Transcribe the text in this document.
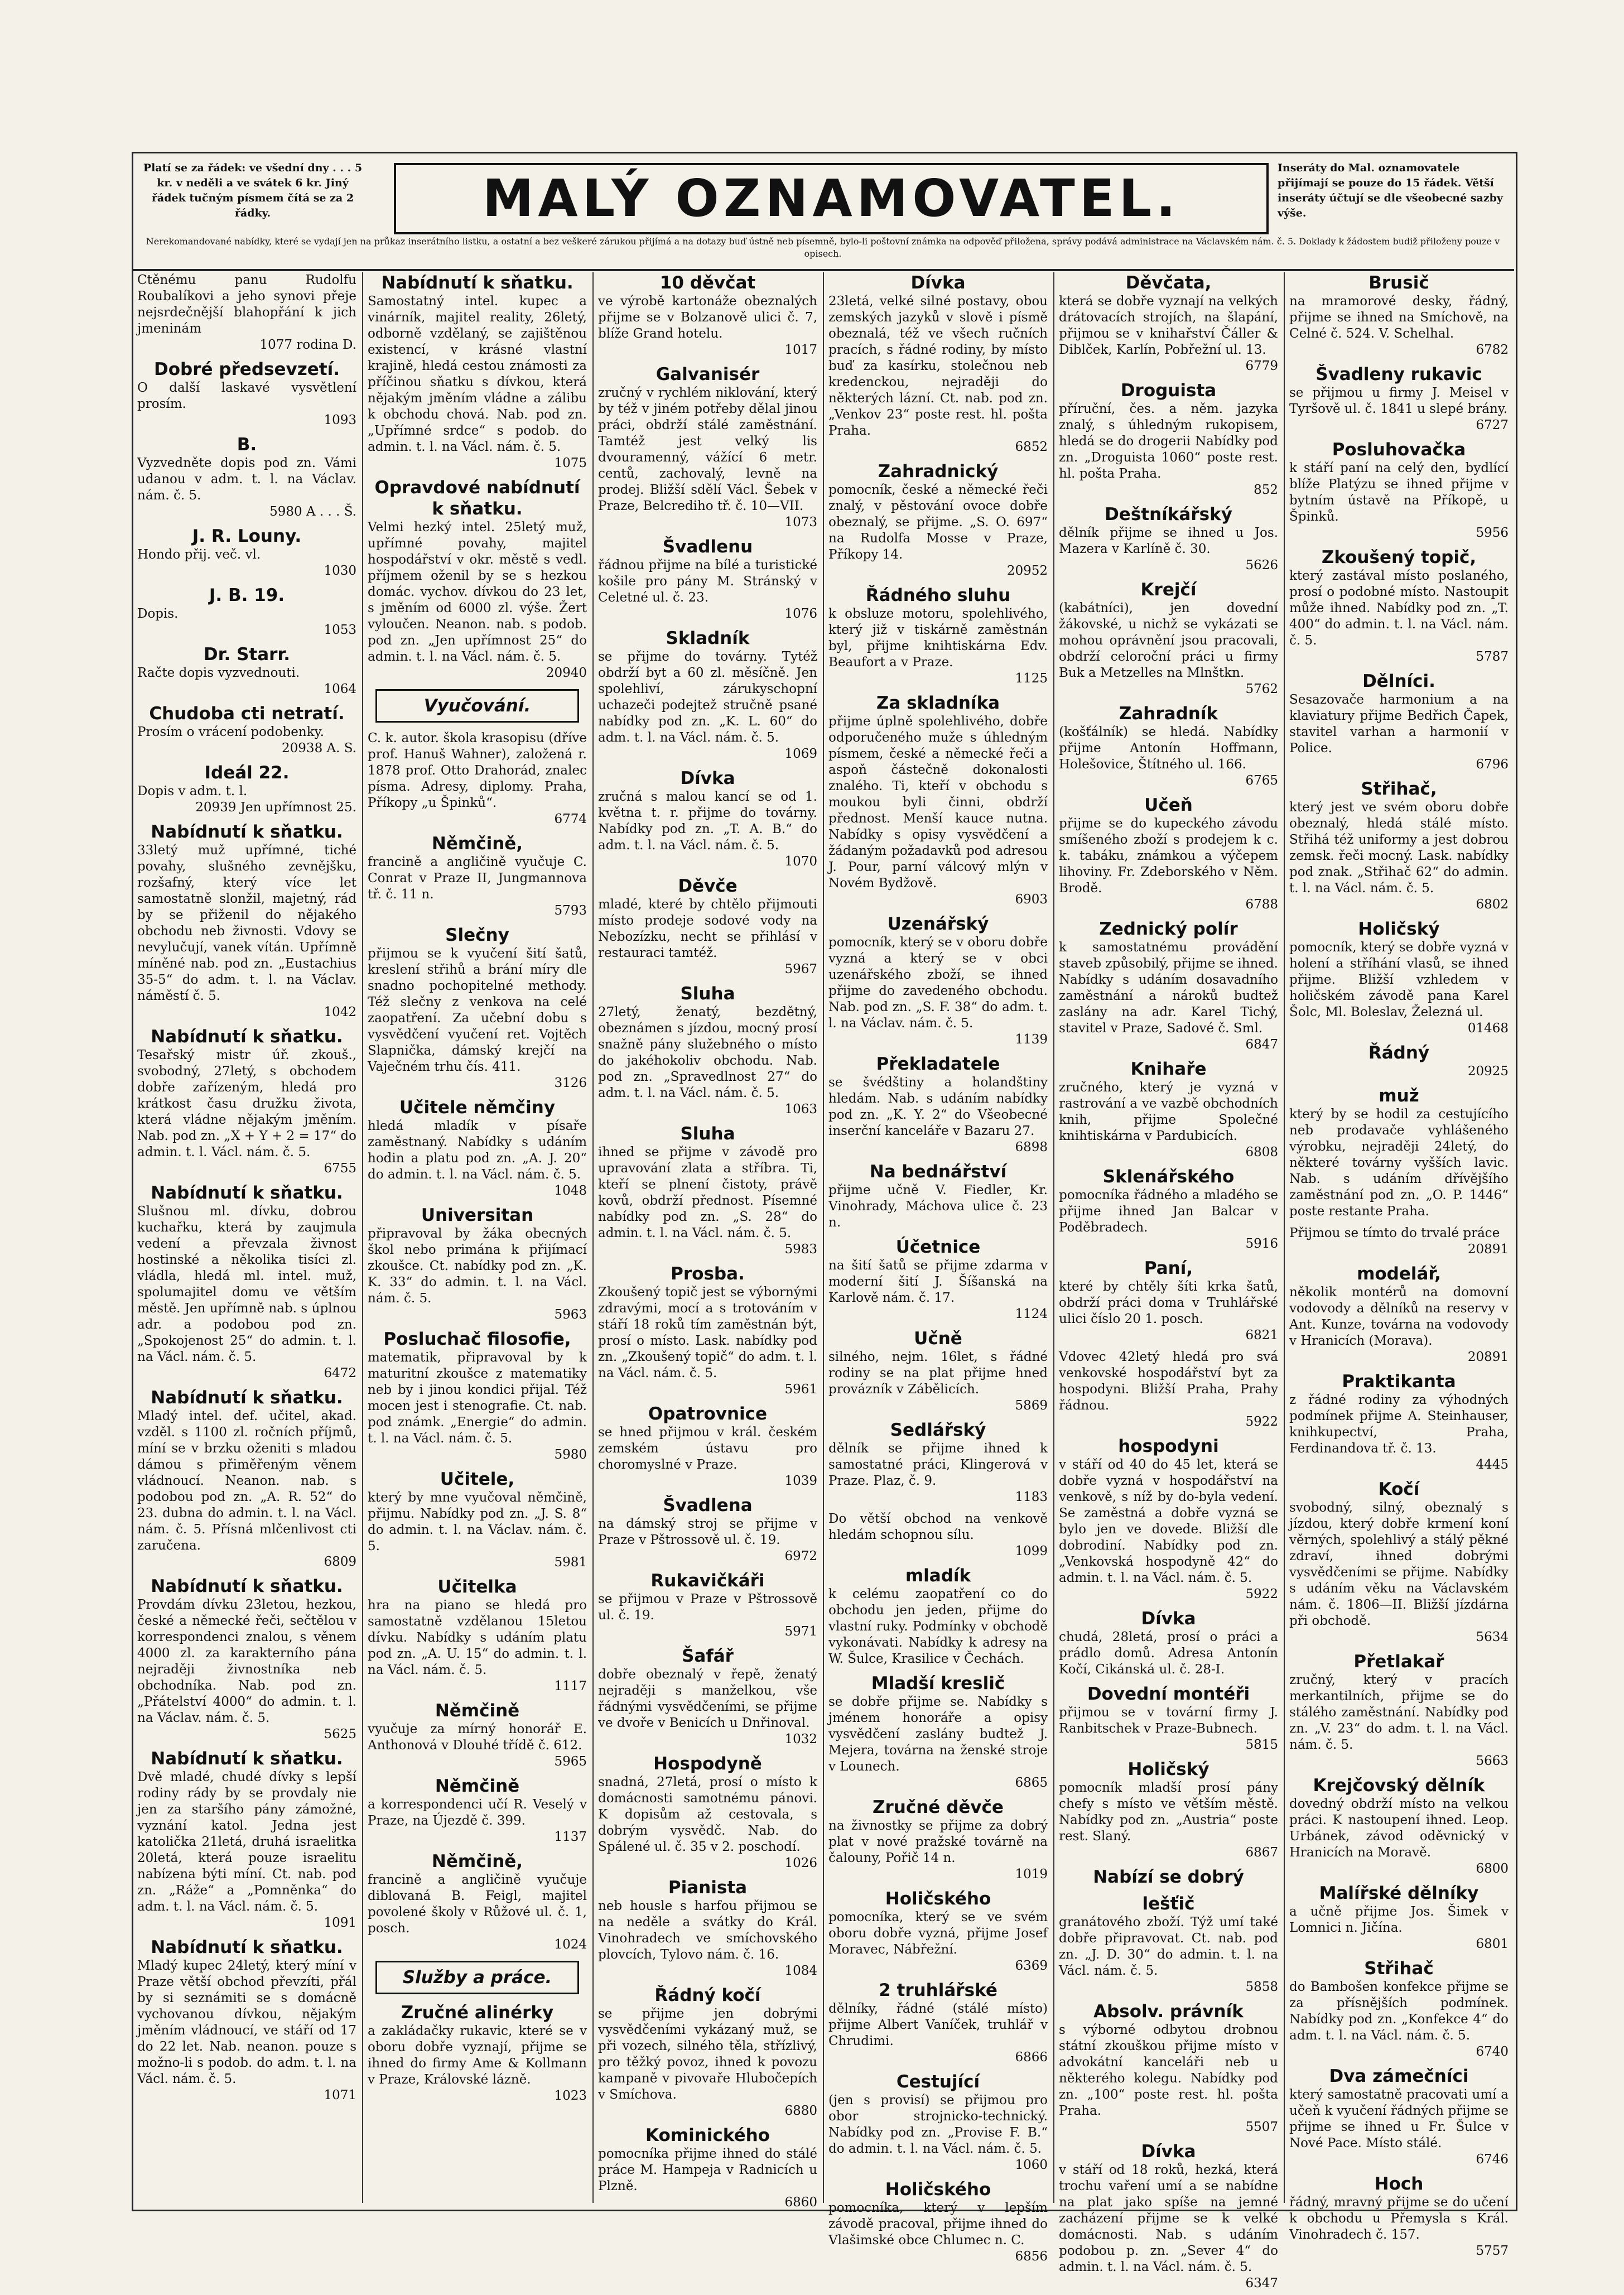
Platí se za řádek: ve všední dny . . . 5 kr. v neděli a ve svátek 6 kr. Jiný řádek tučným písmem čítá se za 2 řádky.	MALÝ OZNAMOVATEL.
Inseráty do Mal. oznamovatele přijímají se pouze do 15 řádek. Větší inseráty účtují se dle všeobecné sazby výše.
Nerekomandované nabídky, které se vydají jen na průkaz inserátního listku, a ostatní a bez veškeré zárukou přijímá a na dotazy buď ústně neb písemně, bylo-li poštovní známka na odpověď přiložena, správy podává administrace na Václavském nám. č. 5. Doklady k žádostem budiž přiloženy pouze v opisech.

Ctěnému panu Rudolfu Roubalíkovi a jeho synovi přeje nejsrdečnější blahopřání k jich jmeninám

1077 rodina D.

Dobré předsevzetí.

O další laskavé vysvětlení prosím.

1093

B.

Vyzvedněte dopis pod zn. Vámi udanou v adm. t. l. na Václav. nám. č. 5.

5980 A . . . Š.

J. R. Louny.

Hondo přij. več. vl.

1030

J. B. 19.

Dopis.

1053

Dr. Starr.

Račte dopis vyzvednouti.

1064

Chudoba cti netratí.

Prosím o vrácení podobenky.

20938 A. S.

Ideál 22.

Dopis v adm. t. l.

20939 Jen upřímnost 25.

Nabídnutí k sňatku.

33letý muž upřímné, tiché povahy, slušného zevnějšku, rozšafný, který více let samostatně slonžil, majetný, rád by se přiženil do nějakého obchodu neb živnosti. Vdovy se nevylučují, vanek vítán. Upřímně míněné nab. pod zn. „Eustachius 35-5“ do adm. t. l. na Václav. náměstí č. 5.

1042

Nabídnutí k sňatku.

Tesařský mistr úř. zkouš., svobodný, 27letý, s obchodem dobře zařízeným, hledá pro krátkost času družku života, která vládne nějakým jměním. Nab. pod zn. „X + Y + 2 = 17“ do admin. t. l. Václ. nám. č. 5.

6755

Nabídnutí k sňatku.

Slušnou ml. dívku, dobrou kuchařku, která by zaujmula vedení a převzala živnost hostinské a několika tisíci zl. vládla, hledá ml. intel. muž, spolumajitel domu ve větším městě. Jen upřímně nab. s úplnou adr. a podobou pod zn. „Spokojenost 25“ do admin. t. l. na Václ. nám. č. 5.

6472

Nabídnutí k sňatku.

Mladý intel. def. učitel, akad. vzděl. s 1100 zl. ročních příjmů, míní se v brzku oženiti s mladou dámou s přiměřeným věnem vládnoucí. Neanon. nab. s podobou pod zn. „A. R. 52“ do 23. dubna do admin. t. l. na Václ. nám. č. 5. Přísná mlčenlivost cti zaručena.

6809

Nabídnutí k sňatku.

Provdám dívku 23letou, hezkou, české a německé řeči, sečtělou v korrespondenci znalou, s věnem 4000 zl. za karakterního pána nejraději živnostníka neb obchodníka. Nab. pod zn. „Přátelství 4000“ do admin. t. l. na Václav. nám. č. 5.

5625

Nabídnutí k sňatku.

Dvě mladé, chudé dívky s lepší rodiny rády by se provdaly nie jen za staršího pány zámožné, vyznání katol. Jedna jest katolička 21letá, druhá israelitka 20letá, která pouze israelitu nabízena býti míní. Ct. nab. pod zn. „Ráže“ a „Pomněnka“ do adm. t. l. na Václ. nám. č. 5.

1091

Nabídnutí k sňatku.

Mladý kupec 24letý, který míní v Praze větší obchod převzíti, přál by si seznámiti se s domácně vychovanou dívkou, nějakým jměním vládnoucí, ve stáří od 17 do 22 let. Nab. neanon. pouze s možno-li s podob. do adm. t. l. na Václ. nám. č. 5.

1071

Nabídnutí k sňatku.

Samostatný intel. kupec a vinárník, majitel reality, 26letý, odborně vzdělaný, se zajištěnou existencí, v krásné vlastní krajině, hledá cestou známosti za příčinou sňatku s dívkou, která nějakým jměním vládne a zálibu k obchodu chová. Nab. pod zn. „Upřímné srdce“ s podob. do admin. t. l. na Václ. nám. č. 5.

1075

Opravdové nabídnutí k sňatku.

Velmi hezký intel. 25letý muž, upřímné povahy, majitel hospodářství v okr. městě s vedl. příjmem oženil by se s hezkou domác. vychov. dívkou do 23 let, s jměním od 6000 zl. výše. Žert vyloučen. Neanon. nab. s podob. pod zn. „Jen upřímnost 25“ do admin. t. l. na Václ. nám. č. 5.

20940

Vyučování.

C. k. autor. škola krasopisu (dříve prof. Hanuš Wahner), založená r. 1878 prof. Otto Drahorád, znalec písma. Adresy, diplomy. Praha, Příkopy „u Špinků“.

6774

Němčině,

francině a angličině vyučuje C. Conrat v Praze II, Jungmannova tř. č. 11 n.

5793

Slečny

přijmou se k vyučení šití šatů, kreslení střihů a brání míry dle snadno pochopitelné methody. Též slečny z venkova na celé zaopatření. Za učební dobu s vysvědčení vyučení ret. Vojtěch Slapnička, dámský krejčí na Vaječném trhu čís. 411.

3126

Učitele němčiny

hledá mladík v písaře zaměstnaný. Nabídky s udáním hodin a platu pod zn. „A. J. 20“ do admin. t. l. na Václ. nám. č. 5.

1048

Universitan

připravoval by žáka obecných škol nebo primána k přijímací zkoušce. Ct. nabídky pod zn. „K. K. 33“ do admin. t. l. na Václ. nám. č. 5.

5963

Posluchač filosofie,

matematik, připravoval by k maturitní zkoušce z matematiky neb by i jinou kondici přijal. Též mocen jest i stenografie. Ct. nab. pod známk. „Energie“ do admin. t. l. na Václ. nám. č. 5.

5980

Učitele,

který by mne vyučoval němčině, přijmu. Nabídky pod zn. „J. S. 8“ do admin. t. l. na Václav. nám. č. 5.

5981

Učitelka

hra na piano se hledá pro samostatně vzdělanou 15letou dívku. Nabídky s udáním platu pod zn. „A. U. 15“ do admin. t. l. na Václ. nám. č. 5.

1117

Němčině

vyučuje za mírný honorář E. Anthonová v Dlouhé třídě č. 612.

5965

Němčině

a korrespondenci učí R. Veselý v Praze, na Újezdě č. 399.

1137

Němčině,

francině a angličině vyučuje diblovaná B. Feigl, majitel povolené školy v Růžové ul. č. 1, posch.

1024

Služby a práce.
Zručné alinérky

a zakládačky rukavic, které se v oboru dobře vyznají, přijme se ihned do firmy Ame & Kollmann v Praze, Královské lázně.

1023

10 děvčat

ve výrobě kartonáže obeznalých přijme se v Bolzanově ulici č. 7, blíže Grand hotelu.

1017

Galvanisér

zručný v rychlém niklování, který by též v jiném potřeby dělal jinou práci, obdrží stálé zaměstnání. Tamtéž jest velký lis dvouramenný, vážící 6 metr. centů, zachovalý, levně na prodej. Bližší sdělí Václ. Šebek v Praze, Belcrediho tř. č. 10—VII.

1073

Švadlenu

řádnou přijme na bílé a turistické košile pro pány M. Stránský v Celetné ul. č. 23.

1076

Skladník

se přijme do továrny. Tytéž obdrží byt a 60 zl. měsíčně. Jen spolehliví, zárukyschopní uchazeči podejtež stručně psané nabídky pod zn. „K. L. 60“ do adm. t. l. na Václ. nám. č. 5.

1069

Dívka

zručná s malou kancí se od 1. května t. r. přijme do továrny. Nabídky pod zn. „T. A. B.“ do adm. t. l. na Václ. nám. č. 5.

1070

Děvče

mladé, které by chtělo přijmouti místo prodeje sodové vody na Nebozízku, necht se přihlásí v restauraci tamtéž.

5967

Sluha

27letý, ženatý, bezdětný, obeznámen s jízdou, mocný prosí snažně pány služebného o místo do jakéhokoliv obchodu. Nab. pod zn. „Spravedlnost 27“ do adm. t. l. na Václ. nám. č. 5.

1063

Sluha

ihned se přijme v závodě pro upravování zlata a stříbra. Ti, kteří se plnení čistoty, právě kovů, obdrží přednost. Písemné nabídky pod zn. „S. 28“ do admin. t. l. na Václ. nám. č. 5.

5983

Prosba.

Zkoušený topič jest se výbornými zdravými, mocí a s trotováním v stáří 18 roků tím zaměstnán být, prosí o místo. Lask. nabídky pod zn. „Zkoušený topič“ do adm. t. l. na Václ. nám. č. 5.

5961

Opatrovnice

se hned přijmou v král. českém zemském ústavu pro choromyslné v Praze.

1039

Švadlena

na dámský stroj se přijme v Praze v Pštrossově ul. č. 19.

6972

Rukavičkáři

se přijmou v Praze v Pštrossově ul. č. 19.

5971

Šafář

dobře obeznalý v řepě, ženatý nejraději s manželkou, vše řádnými vysvědčeními, se přijme ve dvoře v Benicích u Dnřinoval.

1032

Hospodyně

snadná, 27letá, prosí o místo k domácnosti samotnému pánovi. K dopisům až cestovala, s dobrým vysvědč. Nab. do Spálené ul. č. 35 v 2. poschodí.

1026

Pianista

neb housle s harfou přijmou se na neděle a svátky do Král. Vinohradech ve smíchovského plovcích, Tylovo nám. č. 16.

1084

Řádný kočí

se přijme jen dobrými vysvědčeními vykázaný muž, se při vozech, silného těla, střízlivý, pro těžký povoz, ihned k povozu kampaně v pivovaře Hlubočepích v Smíchova.

6880

Kominického

pomocníka přijme ihned do stálé práce M. Hampeja v Radnicích u Plzně.

6860

Dívka

23letá, velké silné postavy, obou zemských jazyků v slově i písmě obeznalá, též ve všech ručních pracích, s řádné rodiny, by místo buď za kasírku, stolečnou neb kredenckou, nejraději do některých lázní. Ct. nab. pod zn. „Venkov 23“ poste rest. hl. pošta Praha.

6852

Zahradnický

pomocník, české a německé řeči znalý, v pěstování ovoce dobře obeznalý, se přijme. „S. O. 697“ na Rudolfa Mosse v Praze, Příkopy 14.

20952

Řádného sluhu

k obsluze motoru, spolehlivého, který již v tiskárně zaměstnán byl, přijme knihtiskárna Edv. Beaufort a v Praze.

1125

Za skladníka

přijme úplně spolehlivého, dobře odporučeného muže s úhledným písmem, české a německé řeči a aspoň částečně dokonalosti znalého. Ti, kteří v obchodu s moukou byli činni, obdrží přednost. Menší kauce nutna. Nabídky s opisy vysvědčení a žádaným požadavků pod adresou J. Pour, parní válcový mlýn v Novém Bydžově.

6903

Uzenářský

pomocník, který se v oboru dobře vyzná a který se v obci uzenářského zboží, se ihned přijme do zavedeného obchodu. Nab. pod zn. „S. F. 38“ do adm. t. l. na Václav. nám. č. 5.

1139

Překladatele

se švédštiny a holandštiny hledám. Nab. s udáním nabídky pod zn. „K. Y. 2“ do Všeobecné inserční kanceláře v Bazaru 27.

6898

Na bednářství

přijme učně V. Fiedler, Kr. Vinohrady, Máchova ulice č. 23 n.

Účetnice

na šití šatů se přijme zdarma v moderní šití J. Šíšanská na Karlově nám. č. 17.

1124

Učně

silného, nejm. 16let, s řádné rodiny se na plat přijme hned provázník v Zábělicích.

5869

Sedlářský

dělník se přijme ihned k samostatné práci, Klingerová v Praze. Plaz, č. 9.

1183

Do větší obchod na venkově hledám schopnou sílu.

1099

mladík

k celému zaopatření co do obchodu jen jeden, přijme do vlastní ruky. Podmínky v obchodě vykonávati. Nabídky k adresy na W. Šulce, Krasilice v Čechách.

Mladší kreslič

se dobře přijme se. Nabídky s jménem honoráře a opisy vysvědčení zaslány budtež J. Mejera, továrna na ženské stroje v Lounech.

6865

Zručné děvče

na živnostky se přijme za dobrý plat v nové pražské továrně na čalouny, Pořič 14 n.

1019

Holičského

pomocníka, který se ve svém oboru dobře vyzná, přijme Josef Moravec, Nábřežní.

6369

2 truhlářské

dělníky, řádné (stálé místo) přijme Albert Vaníček, truhlář v Chrudimi.

6866

Cestující

(jen s provisí) se přijmou pro obor strojnicko-technický. Nabídky pod zn. „Provise F. B.“ do admin. t. l. na Václ. nám. č. 5.

1060

Holičského

pomocníka, který v lepším závodě pracoval, přijme ihned do Vlašimské obce Chlumec n. C.

6856

Děvčata,

která se dobře vyznají na velkých drátovacích strojích, na šlapání, přijmou se v knihařství Čáller & Diblček, Karlín, Pobřežní ul. 13.

6779

Droguista

příruční, čes. a něm. jazyka znalý, s úhledným rukopisem, hledá se do drogerii Nabídky pod zn. „Droguista 1060“ poste rest. hl. pošta Praha.

852

Deštníkářský

dělník přijme se ihned u Jos. Mazera v Karlíně č. 30.

5626

Krejčí

(kabátníci), jen dovední žákovské, u nichž se vykázati se mohou oprávnění jsou pracovali, obdrží celoroční práci u firmy Buk a Metzelles na Mlnštkn.

5762

Zahradník

(košťálník) se hledá. Nabídky přijme Antonín Hoffmann, Holešovice, Štítného ul. 166.

6765

Učeň

přijme se do kupeckého závodu smíšeného zboží s prodejem k c. k. tabáku, známkou a výčepem lihoviny. Fr. Zdeborského v Něm. Brodě.

6788

Zednický polír

k samostatnému provádění staveb způsobilý, přijme se ihned. Nabídky s udáním dosavadního zaměstnání a nároků budtež zaslány na adr. Karel Tichý, stavitel v Praze, Sadové č. Sml.

6847

Knihaře

zručného, který je vyzná v rastrování a ve vazbě obchodních knih, přijme Společné knihtiskárna v Pardubicích.

6808

Sklenářského

pomocníka řádného a mladého se přijme ihned Jan Balcar v Poděbradech.

5916

Paní,

které by chtěly šíti krka šatů, obdrží práci doma v Truhlářské ulici číslo 20 1. posch.

6821

Vdovec 42letý hledá pro svá venkovské hospodářství byt za hospodyni. Bližší Praha, Prahy řádnou.

5922

hospodyni

v stáří od 40 do 45 let, která se dobře vyzná v hospodářství na venkově, s níž by do-byla vedení. Se zaměstná a dobře vyzná se bylo jen ve dovede. Bližší dle dobrodiní. Nabídky pod zn. „Venkovská hospodyně 42“ do admin. t. l. na Václ. nám. č. 5.

5922

Dívka

chudá, 28letá, prosí o práci a prádlo domů. Adresa Antonín Kočí, Cikánská ul. č. 28-I.

Dovední montéři

přijmou se v tovární firmy J. Ranbitschek v Praze-Bubnech.

5815

Holičský

pomocník mladší prosí pány chefy s místo ve větším městě. Nabídky pod zn. „Austria“ poste rest. Slaný.

6867

Nabízí se dobrý
lešťič

granátového zboží. Týž umí také dobře připravovat. Ct. nab. pod zn. „J. D. 30“ do admin. t. l. na Václ. nám. č. 5.

5858

Absolv. právník

s výborné odbytou drobnou státní zkouškou přijme místo v advokátní kanceláři neb u některého kolegu. Nabídky pod zn. „100“ poste rest. hl. pošta Praha.

5507

Dívka

v stáří od 18 roků, hezká, která trochu vaření umí a se nabídne na plat jako spíše na jemné zacházení přijme se k velké domácnosti. Nab. s udáním podobou p. zn. „Sever 4“ do admin. t. l. na Václ. nám. č. 5.

6347

Brusič

na mramorové desky, řádný, přijme se ihned na Smíchově, na Celné č. 524. V. Schelhal.

6782

Švadleny rukavic

se přijmou u firmy J. Meisel v Tyršově ul. č. 1841 u slepé brány.

6727

Posluhovačka

k stáří paní na celý den, bydlící blíže Platýzu se ihned přijme v bytním ústavě na Příkopě, u Špinků.

5956

Zkoušený topič,

který zastával místo poslaného, prosí o podobné místo. Nastoupit může ihned. Nabídky pod zn. „T. 400“ do admin. t. l. na Václ. nám. č. 5.

5787

Dělníci.

Sesazovače harmonium a na klaviatury přijme Bedřich Čapek, stavitel varhan a harmonií v Police.

6796

Střihač,

který jest ve svém oboru dobře obeznalý, hledá stálé místo. Střihá též uniformy a jest dobrou zemsk. řeči mocný. Lask. nabídky pod znak. „Střihač 62“ do admin. t. l. na Václ. nám. č. 5.

6802

Holičský

pomocník, který se dobře vyzná v holení a stříhání vlasů, se ihned přijme. Bližší vzhledem v holičském závodě pana Karel Šolc, Ml. Boleslav, Železná ul.

01468

Řádný

20925

muž

který by se hodil za cestujícího neb prodavače vyhlášeného výrobku, nejraději 24letý, do některé továrny vyšších lavic. Nab. s udáním dřívějšího zaměstnání pod zn. „O. P. 1446“ poste restante Praha.

Přijmou se tímto do trvalé práce

20891

modelář,

několik montérů na domovní vodovody a dělníků na reservy v Ant. Kunze, továrna na vodovody v Hranicích (Morava).

20891

Praktikanta

z řádné rodiny za výhodných podmínek přijme A. Steinhauser, knihkupectví, Praha, Ferdinandova tř. č. 13.

4445

Kočí

svobodný, silný, obeznalý s jízdou, který dobře krmení koní věrných, spolehlivý a stálý pěkné zdraví, ihned dobrými vysvědčeními se přijme. Nabídky s udáním věku na Václavském nám. č. 1806—II. Bližší jízdárna při obchodě.

5634

Přetlakař

zručný, který v pracích merkantilních, přijme se do stálého zaměstnání. Nabídky pod zn. „V. 23“ do adm. t. l. na Václ. nám. č. 5.

5663

Krejčovský dělník

dovedný obdrží místo na velkou práci. K nastoupení ihned. Leop. Urbánek, závod oděvnický v Hranicích na Moravě.

6800

Malířské dělníky

a učně přijme Jos. Šimek v Lomnici n. Jičína.

6801

Střihač

do Bambošen konfekce přijme se za přísnějších podmínek. Nabídky pod zn. „Konfekce 4“ do adm. t. l. na Václ. nám. č. 5.

6740

Dva zámečníci

který samostatně pracovati umí a učeň k vyučení řádných přijme se přijme se ihned u Fr. Šulce v Nové Pace. Místo stálé.

6746

Hoch

řádný, mravný přijme se do učení k obchodu u Přemysla s Král. Vinohradech č. 157.

5757
